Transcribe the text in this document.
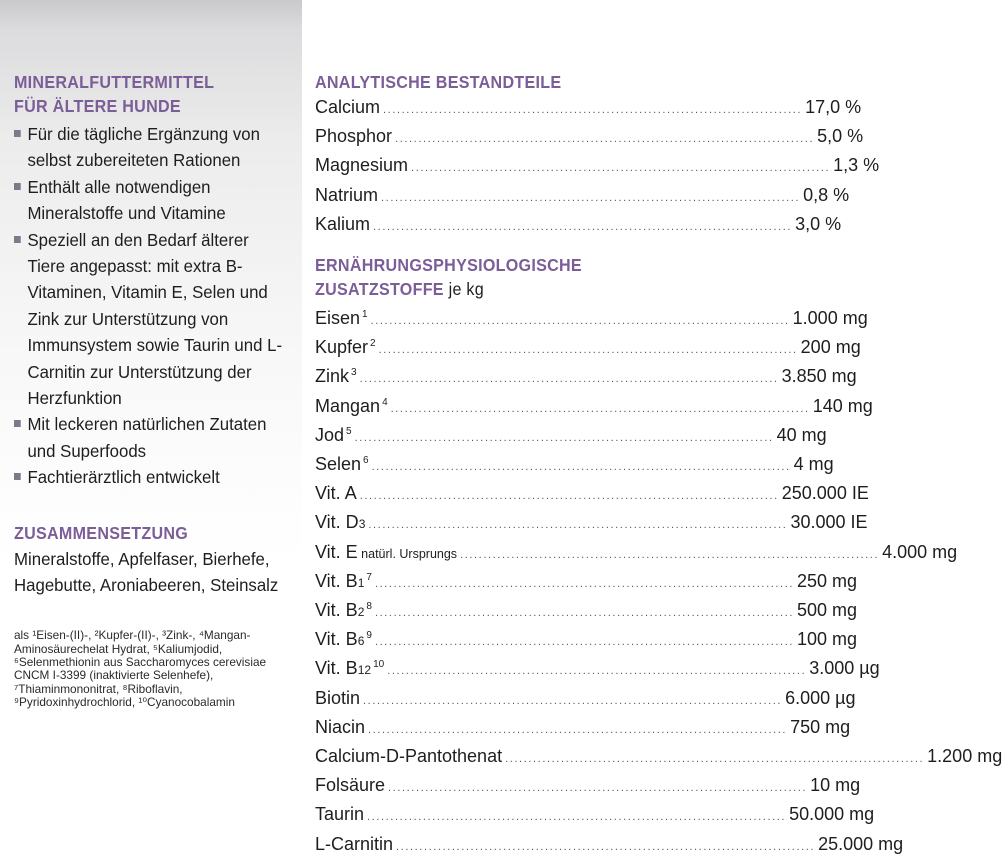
MINERALFUTTERMITTEL
FÜR ÄLTERE HUNDE
Für die tägliche Ergänzung von selbst zubereiteten Rationen
Enthält alle notwendigen Mineralstoffe und Vitamine
Speziell an den Bedarf älterer Tiere angepasst: mit extra B-Vitaminen, Vitamin E, Selen und Zink zur Unterstützung von Immunsystem sowie Taurin und L-Carnitin zur Unterstützung der Herzfunktion
Mit leckeren natürlichen Zutaten und Superfoods
Fachtierärztlich entwickelt
ZUSAMMENSETZUNG
Mineralstoffe, Apfelfaser, Bierhefe, Hagebutte, Aroniabeeren, Steinsalz
als ¹Eisen-(II)-, ²Kupfer-(II)-, ³Zink-, ⁴Mangan-Aminosäurechelat Hydrat, ⁵Kaliumjodid, ⁶Selenmethionin aus Saccharomyces cerevisiae CNCM I-3399 (inaktivierte Selenhefe), ⁷Thiaminmononitrat, ⁸Riboflavin, ⁹Pyridoxinhydrochlorid, ¹⁰Cyanocobalamin
ANALYTISCHE BESTANDTEILE
Calcium .......................................................................................... 17,0 %
Phosphor .......................................................................................... 5,0 %
Magnesium .......................................................................................... 1,3 %
Natrium .......................................................................................... 0,8 %
Kalium .......................................................................................... 3,0 %
ERNÄHRUNGSPHYSIOLOGISCHE
ZUSATZSTOFFE je kg
Eisen $^1$
.......................................................................................... 1.000 mg
Kupfer $^2$
.......................................................................................... 200 mg
Zink $^3$
.......................................................................................... 3.850 mg
Mangan $^4$
.......................................................................................... 140 mg
Jod $^5$
.......................................................................................... 40 mg
Selen $^6$
.......................................................................................... 4 mg
Vit. A .......................................................................................... 250.000 IE
Vit. D3 .......................................................................................... 30.000 IE
Vit. E natürl. Ursprungs .......................................................................................... 4.000 mg
Vit. B1 $^7$
.......................................................................................... 250 mg
Vit. B2 $^8$
.......................................................................................... 500 mg
Vit. B6 $^9$
.......................................................................................... 100 mg
Vit. B12 $^{10}$
.......................................................................................... 3.000 µg
Biotin .......................................................................................... 6.000 µg
Niacin .......................................................................................... 750 mg
Calcium-D-Pantothenat .......................................................................................... 1.200 mg
Folsäure .......................................................................................... 10 mg
Taurin .......................................................................................... 50.000 mg
L-Carnitin .......................................................................................... 25.000 mg
